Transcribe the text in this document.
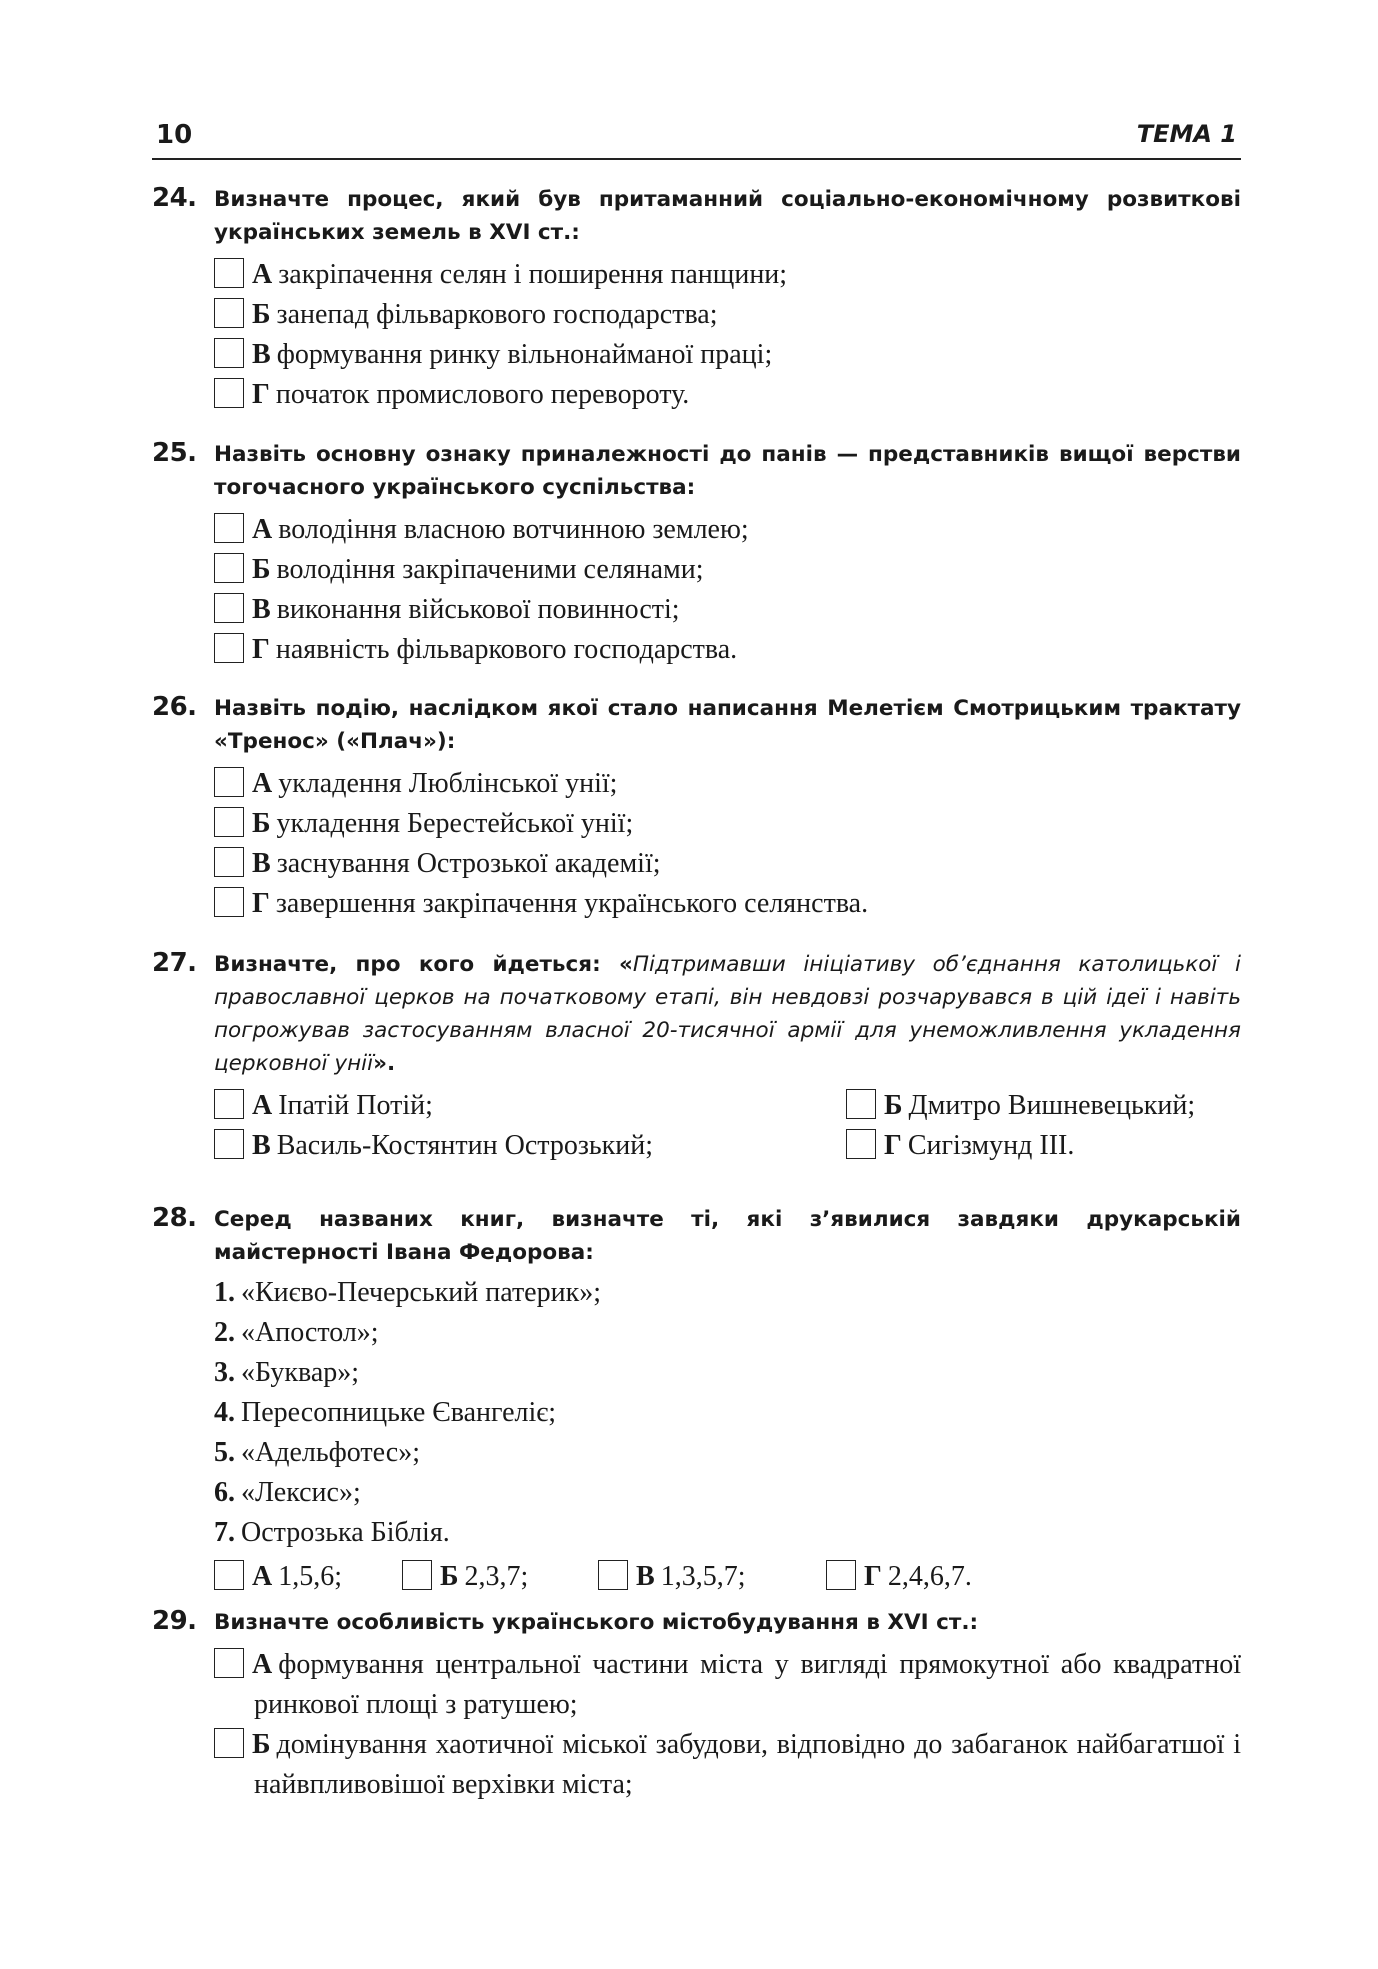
10	ТЕМА 1
24. Визначте процес, який був притаманний соціально-економічному розвиткові українських земель в XVI ст.:
А закріпачення селян і поширення панщини;
Б занепад фільваркового господарства;
В формування ринку вільнонайманої праці;
Г початок промислового перевороту.
25. Назвіть основну ознаку приналежності до панів — представників вищої верстви тогочасного українського суспільства:
А володіння власною вотчинною землею;
Б володіння закріпаченими селянами;
В виконання військової повинності;
Г наявність фільваркового господарства.
26. Назвіть подію, наслідком якої стало написання Мелетієм Смотрицьким трактату «Тренос» («Плач»):
А укладення Люблінської унії;
Б укладення Берестейської унії;
В заснування Острозької академії;
Г завершення закріпачення українського селянства.
27. Визначте, про кого йдеться: «Підтримавши ініціативу об’єднання католицької і православної церков на початковому етапі, він невдовзі розчарувався в цій ідеї і навіть погрожував застосуванням власної 20-тисячної армії для унеможливлення укладення церковної унії».
А Іпатій Потій;	Б Дмитро Вишневецький;
В Василь-Костянтин Острозький;	Г Сигізмунд ІІІ.
28. Серед названих книг, визначте ті, які з’явилися завдяки друкарській майстерності Івана Федорова:
1. «Києво-Печерський патерик»;
2. «Апостол»;
3. «Буквар»;
4. Пересопницьке Євангеліє;
5. «Адельфотес»;
6. «Лексис»;
7. Острозька Біблія.
А 1,5,6;	Б 2,3,7;	В 1,3,5,7;	Г 2,4,6,7.
29. Визначте особливість українського містобудування в XVI ст.:
А формування центральної частини міста у вигляді прямокутної або квадратної ринкової площі з ратушею;
Б домінування хаотичної міської забудови, відповідно до забаганок найбагатшої і найвпливовішої верхівки міста;
